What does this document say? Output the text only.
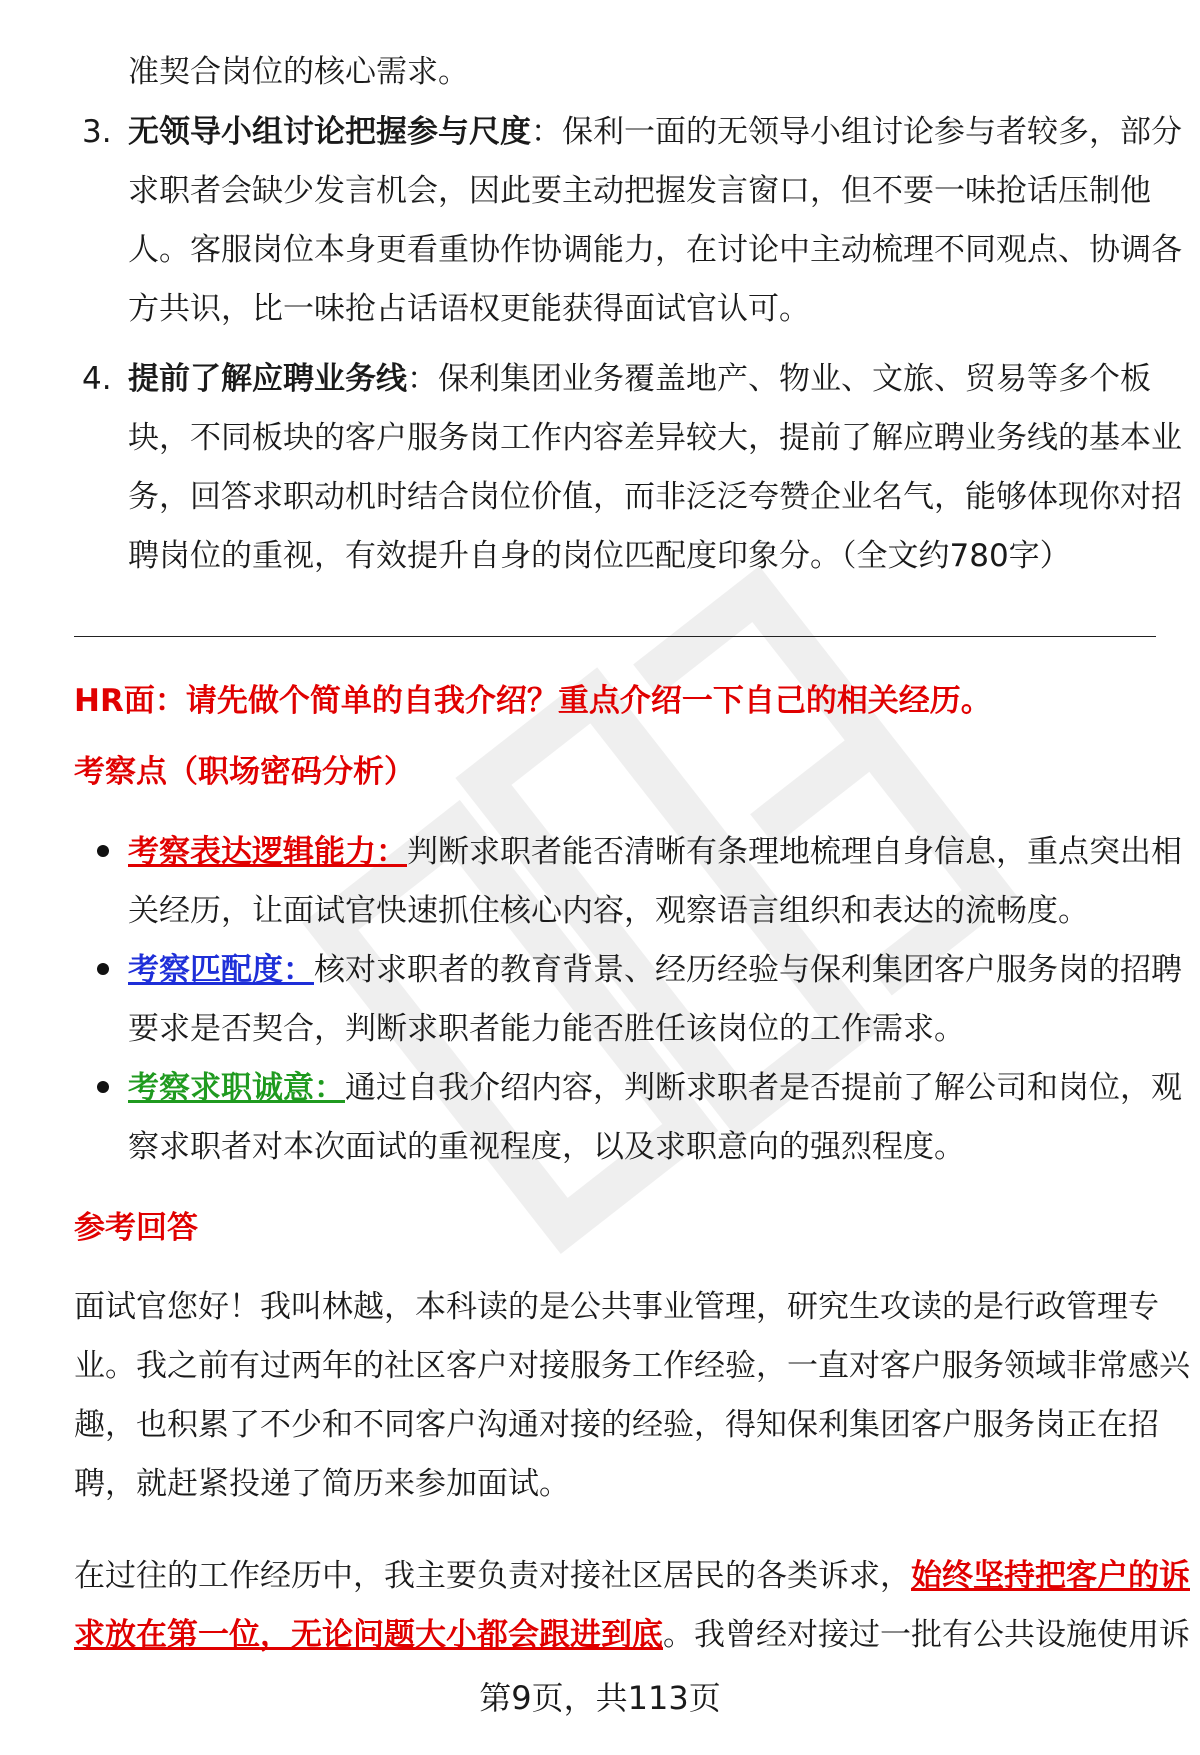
准契合岗位的核心需求。
3. 无领导小组讨论把握参与尺度：保利一面的无领导小组讨论参与者较多，部分
求职者会缺少发言机会，因此要主动把握发言窗口，但不要一味抢话压制他
人。客服岗位本身更看重协作协调能力，在讨论中主动梳理不同观点、协调各
方共识，比一味抢占话语权更能获得面试官认可。
4. 提前了解应聘业务线：保利集团业务覆盖地产、物业、文旅、贸易等多个板
块，不同板块的客户服务岗工作内容差异较大，提前了解应聘业务线的基本业
务，回答求职动机时结合岗位价值，而非泛泛夸赞企业名气，能够体现你对招
聘岗位的重视，有效提升自身的岗位匹配度印象分。（全文约780字）
HR面：请先做个简单的自我介绍？重点介绍一下自己的相关经历。
考察点（职场密码分析）
考察表达逻辑能力：判断求职者能否清晰有条理地梳理自身信息，重点突出相
关经历，让面试官快速抓住核心内容，观察语言组织和表达的流畅度。
考察匹配度：核对求职者的教育背景、经历经验与保利集团客户服务岗的招聘
要求是否契合，判断求职者能力能否胜任该岗位的工作需求。
考察求职诚意：通过自我介绍内容，判断求职者是否提前了解公司和岗位，观
察求职者对本次面试的重视程度，以及求职意向的强烈程度。
参考回答
面试官您好！我叫林越，本科读的是公共事业管理，研究生攻读的是行政管理专
业。我之前有过两年的社区客户对接服务工作经验，一直对客户服务领域非常感兴
趣，也积累了不少和不同客户沟通对接的经验，得知保利集团客户服务岗正在招
聘，就赶紧投递了简历来参加面试。
在过往的工作经历中，我主要负责对接社区居民的各类诉求，始终坚持把客户的诉
求放在第一位，无论问题大小都会跟进到底。我曾经对接过一批有公共设施使用诉
第9页，共113页
